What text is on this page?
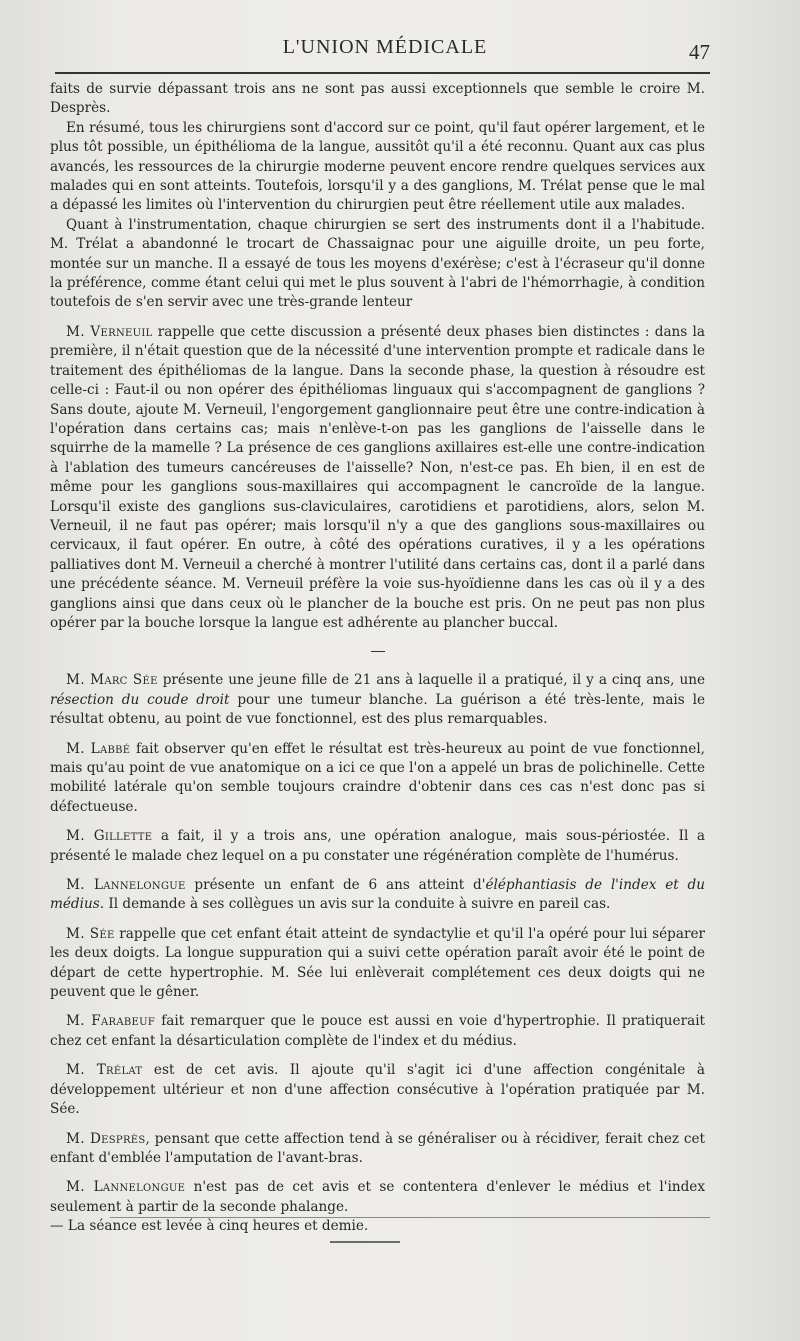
L'UNION MÉDICALE	47

faits de survie dépassant trois ans ne sont pas aussi exceptionnels que semble le croire M. Desprès.

En résumé, tous les chirurgiens sont d'accord sur ce point, qu'il faut opérer largement, et le plus tôt possible, un épithélioma de la langue, aussitôt qu'il a été reconnu. Quant aux cas plus avancés, les ressources de la chirurgie moderne peuvent encore rendre quelques services aux malades qui en sont atteints. Toutefois, lorsqu'il y a des ganglions, M. Trélat pense que le mal a dépassé les limites où l'intervention du chirurgien peut être réellement utile aux malades.

Quant à l'instrumentation, chaque chirurgien se sert des instruments dont il a l'habitude. M. Trélat a abandonné le trocart de Chassaignac pour une aiguille droite, un peu forte, montée sur un manche. Il a essayé de tous les moyens d'exérèse; c'est à l'écraseur qu'il donne la préférence, comme étant celui qui met le plus souvent à l'abri de l'hémorrhagie, à condition toutefois de s'en servir avec une très-grande lenteur

M. Verneuil rappelle que cette discussion a présenté deux phases bien distinctes : dans la première, il n'était question que de la nécessité d'une intervention prompte et radicale dans le traitement des épithéliomas de la langue. Dans la seconde phase, la question à résoudre est celle-ci : Faut-il ou non opérer des épithéliomas linguaux qui s'accompagnent de ganglions ? Sans doute, ajoute M. Verneuil, l'engorgement ganglionnaire peut être une contre-indication à l'opération dans certains cas; mais n'enlève-t-on pas les ganglions de l'aisselle dans le squirrhe de la mamelle ? La présence de ces ganglions axillaires est-elle une contre-indication à l'ablation des tumeurs cancéreuses de l'aisselle? Non, n'est-ce pas. Eh bien, il en est de même pour les ganglions sous-maxillaires qui accompagnent le cancroïde de la langue. Lorsqu'il existe des ganglions sus-claviculaires, carotidiens et parotidiens, alors, selon M. Verneuil, il ne faut pas opérer; mais lorsqu'il n'y a que des ganglions sous-maxillaires ou cervicaux, il faut opérer. En outre, à côté des opérations curatives, il y a les opérations palliatives dont M. Verneuil a cherché à montrer l'utilité dans certains cas, dont il a parlé dans une précédente séance. M. Verneuil préfère la voie sus-hyoïdienne dans les cas où il y a des ganglions ainsi que dans ceux où le plancher de la bouche est pris. On ne peut pas non plus opérer par la bouche lorsque la langue est adhérente au plancher buccal.

M. Marc Sée présente une jeune fille de 21 ans à laquelle il a pratiqué, il y a cinq ans, une résection du coude droit pour une tumeur blanche. La guérison a été très-lente, mais le résultat obtenu, au point de vue fonctionnel, est des plus remarquables.

M. Labbé fait observer qu'en effet le résultat est très-heureux au point de vue fonctionnel, mais qu'au point de vue anatomique on a ici ce que l'on a appelé un bras de polichinelle. Cette mobilité latérale qu'on semble toujours craindre d'obtenir dans ces cas n'est donc pas si défectueuse.

M. Gillette a fait, il y a trois ans, une opération analogue, mais sous-périostée. Il a présenté le malade chez lequel on a pu constater une régénération complète de l'humérus.

M. Lannelongue présente un enfant de 6 ans atteint d'éléphantiasis de l'index et du médius. Il demande à ses collègues un avis sur la conduite à suivre en pareil cas.

M. Sée rappelle que cet enfant était atteint de syndactylie et qu'il l'a opéré pour lui séparer les deux doigts. La longue suppuration qui a suivi cette opération paraît avoir été le point de départ de cette hypertrophie. M. Sée lui enlèverait complétement ces deux doigts qui ne peuvent que le gêner.

M. Farabeuf fait remarquer que le pouce est aussi en voie d'hypertrophie. Il pratiquerait chez cet enfant la désarticulation complète de l'index et du médius.

M. Trélat est de cet avis. Il ajoute qu'il s'agit ici d'une affection congénitale à développement ultérieur et non d'une affection consécutive à l'opération pratiquée par M. Sée.

M. Desprès, pensant que cette affection tend à se généraliser ou à récidiver, ferait chez cet enfant d'emblée l'amputation de l'avant-bras.

M. Lannelongue n'est pas de cet avis et se contentera d'enlever le médius et l'index seulement à partir de la seconde phalange.

— La séance est levée à cinq heures et demie.
